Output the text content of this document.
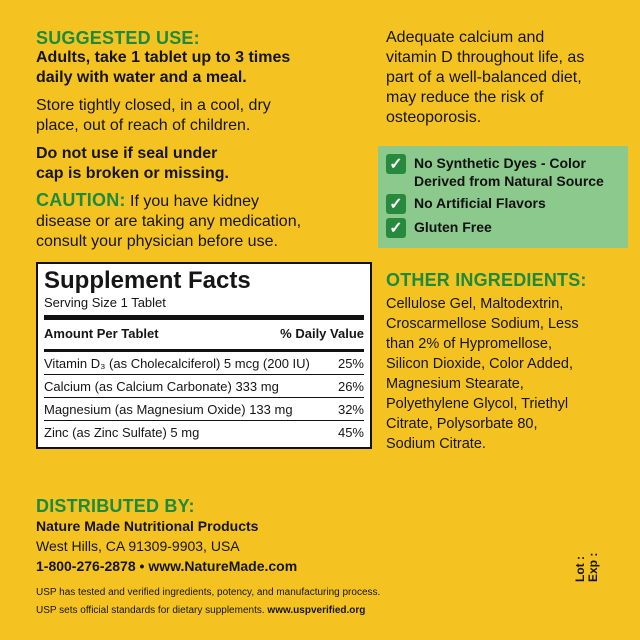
SUGGESTED USE:
Adults, take 1 tablet up to 3 times
daily with water and a meal.
Store tightly closed, in a cool, dry
place, out of reach of children.
Do not use if seal under
cap is broken or missing.
CAUTION: If you have kidney
disease or are taking any medication,
consult your physician before use.
Supplement Facts
Serving Size 1 Tablet
Amount Per Tablet	% Daily Value
Vitamin D₃ (as Cholecalciferol) 5 mcg (200 IU) 25%
Calcium (as Calcium Carbonate) 333 mg	26%
Magnesium (as Magnesium Oxide) 133 mg	32%
Zinc (as Zinc Sulfate) 5 mg	45%
Adequate calcium and
vitamin D throughout life, as
part of a well-balanced diet,
may reduce the risk of
osteoporosis.
✓ No Synthetic Dyes - Color
Derived from Natural Source
✓ No Artificial Flavors
✓ Gluten Free
OTHER INGREDIENTS:
Cellulose Gel, Maltodextrin,
Croscarmellose Sodium, Less
than 2% of Hypromellose,
Silicon Dioxide, Color Added,
Magnesium Stearate,
Polyethylene Glycol, Triethyl
Citrate, Polysorbate 80,
Sodium Citrate.
DISTRIBUTED BY:
Nature Made Nutritional Products
West Hills, CA 91309-9903, USA
1-800-276-2878 • www.NatureMade.com
USP has tested and verified ingredients, potency, and manufacturing process.
USP sets official standards for dietary supplements. www.uspverified.org
Lot : Exp :
